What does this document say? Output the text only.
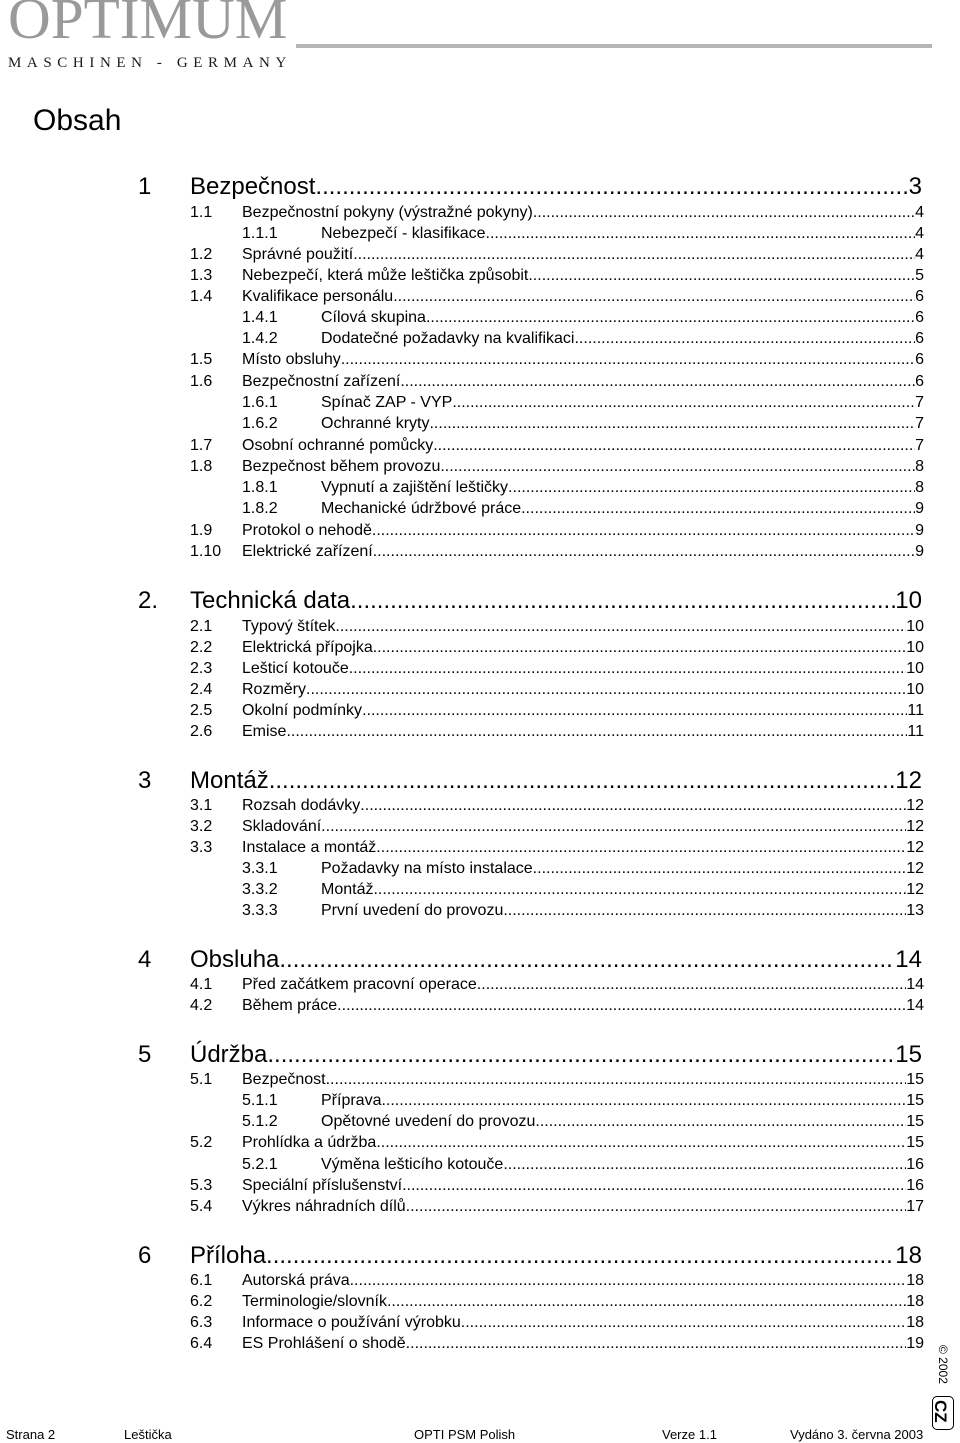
OPTIMUM
MASCHINEN - GERMANY
Obsah
1	Bezpečnost .....	3
1.1	Bezpečnostní pokyny (výstražné pokyny) .....	4
1.1.1	Nebezpečí - klasifikace .....	4
1.2	Správné použití .....	4
1.3	Nebezpečí, která může leštička způsobit .....	5
1.4	Kvalifikace personálu .....	6
1.4.1	Cílová skupina .....	6
1.4.2	Dodatečné požadavky na kvalifikaci .....	6
1.5	Místo obsluhy .....	6
1.6	Bezpečnostní zařízení .....	6
1.6.1	Spínač ZAP - VYP .....	7
1.6.2	Ochranné kryty .....	7
1.7	Osobní ochranné pomůcky .....	7
1.8	Bezpečnost během provozu .....	8
1.8.1	Vypnutí a zajištění leštičky .....	8
1.8.2	Mechanické údržbové práce .....	9
1.9	Protokol o nehodě .....	9
1.10	Elektrické zařízení .....	9
2.	Technická data .....	10
2.1	Typový štítek .....	10
2.2	Elektrická přípojka .....	10
2.3	Lešticí kotouče .....	10
2.4	Rozměry .....	10
2.5	Okolní podmínky .....	11
2.6	Emise .....	11
3	Montáž .....	12
3.1	Rozsah dodávky .....	12
3.2	Skladování .....	12
3.3	Instalace a montáž .....	12
3.3.1	Požadavky na místo instalace .....	12
3.3.2	Montáž .....	12
3.3.3	První uvedení do provozu .....	13
4	Obsluha .....	14
4.1	Před začátkem pracovní operace .....	14
4.2	Během práce .....	14
5	Údržba .....	15
5.1	Bezpečnost .....	15
5.1.1	Příprava .....	15
5.1.2	Opětovné uvedení do provozu .....	15
5.2	Prohlídka a údržba .....	15
5.2.1	Výměna lešticího kotouče .....	16
5.3	Speciální příslušenství .....	16
5.4	Výkres náhradních dílů .....	17
6	Příloha .....	18
6.1	Autorská práva .....	18
6.2	Terminologie/slovník .....	18
6.3	Informace o používání výrobku .....	18
6.4	ES Prohlášení o shodě .....	19
© 2002
CZ
Strana 2	Leštička	OPTI PSM Polish	Verze 1.1	Vydáno 3. června 2003
